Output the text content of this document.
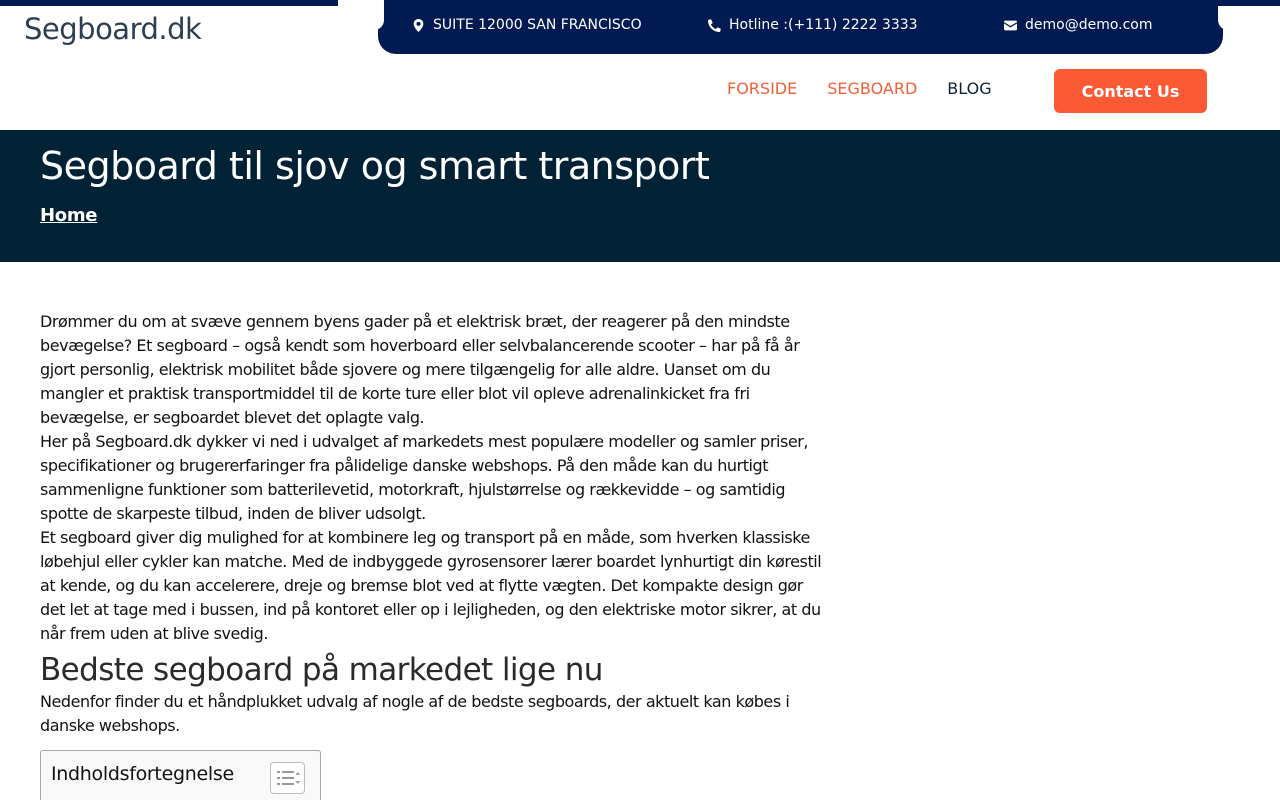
Segboard.dk	SUITE 12000 SAN FRANCISCO	Hotline :(+111) 2222 3333	demo@demo.com
FORSIDE SEGBOARD BLOG	Contact Us
Segboard til sjov og smart transport
Home

Drømmer du om at svæve gennem byens gader på et elektrisk bræt, der reagerer på den mindste bevægelse? Et segboard – også kendt som hoverboard eller selvbalancerende scooter – har på få år gjort personlig, elektrisk mobilitet både sjovere og mere tilgængelig for alle aldre. Uanset om du mangler et praktisk transportmiddel til de korte ture eller blot vil opleve adrenalinkicket fra fri bevægelse, er segboardet blevet det oplagte valg.

Her på Segboard.dk dykker vi ned i udvalget af markedets mest populære modeller og samler priser, specifikationer og brugererfaringer fra pålidelige danske webshops. På den måde kan du hurtigt sammenligne funktioner som batterilevetid, motorkraft, hjulstørrelse og rækkevidde – og samtidig spotte de skarpeste tilbud, inden de bliver udsolgt.

Et segboard giver dig mulighed for at kombinere leg og transport på en måde, som hverken klassiske løbehjul eller cykler kan matche. Med de indbyggede gyrosensorer lærer boardet lynhurtigt din kørestil at kende, og du kan accelerere, dreje og bremse blot ved at flytte vægten. Det kompakte design gør det let at tage med i bussen, ind på kontoret eller op i lejligheden, og den elektriske motor sikrer, at du når frem uden at blive svedig.

Bedste segboard på markedet lige nu

Nedenfor finder du et håndplukket udvalg af nogle af de bedste segboards, der aktuelt kan købes i danske webshops.

Indholdsfortegnelse
